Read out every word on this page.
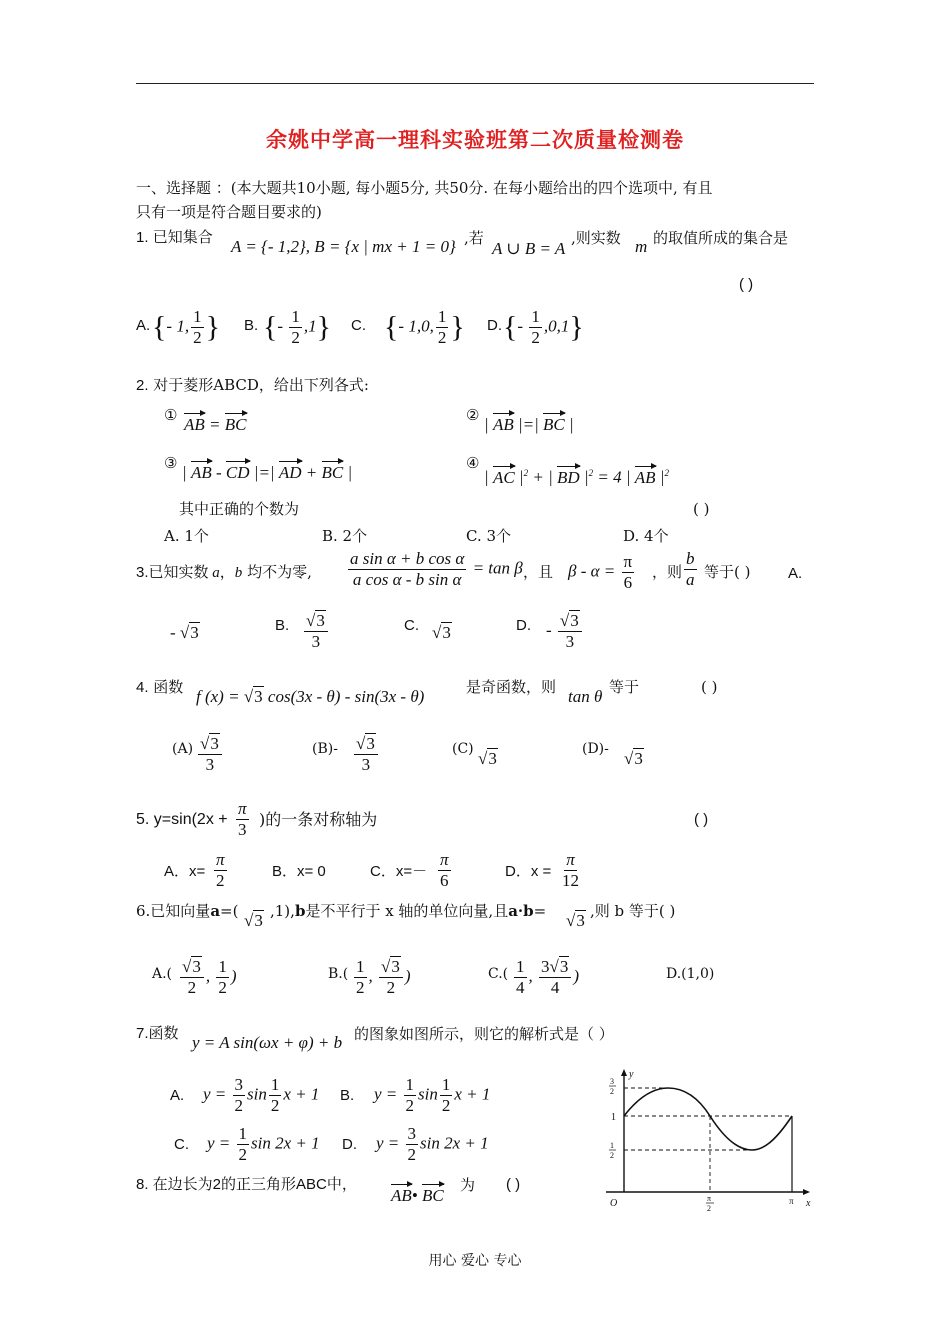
余姚中学高一理科实验班第二次质量检测卷
一、选择题 ：(本大题共10小题, 每小题5分, 共50分. 在每小题给出的四个选项中, 有且
只有一项是符合题目要求的)
1. 已知集合 A = {- 1,2}, B = {x | mx + 1 = 0} ,若
A ∪ B = A
,则实数 m 的取值所成的集合是
( )
A. {- 1, $\frac{1}{2}$ } B. {- $\frac{1}{2} ,1$} C. {- 1,0, $\frac{1}{2}$ } D. {- $\frac{1}{2} ,0,1$}
2. 对于菱形ABCD，给出下列各式:
① AB = BC	② | AB |=| BC |
③ | AB - CD |=| AD + BC |	④
| AC $|^2$ + | BD $|^2 = 4$ | AB $|^2$
其中正确的个数为	( )
A. 1个	B. 2个	C. 3个	D. 4个
3.已知实数 a，b 均不为零, $\frac{\text{a sin α + b cos α}}{\text{a cos α - b sin α}} = \tan \beta$ ，且 $\beta - \alpha = \frac{\pi}{6}$ ，则 $\frac{b}{a}$ 等于( )	A.
- √3	B. $\frac{√3}{3}$	C. √3	D. - $\frac{√3}{3}$
4. 函数 f (x) = √3 cos(3x - θ) - sin(3x - θ)	是奇函数，则 tan θ 等于	( )
$(A) \frac{√3}{3}$	$(B)- \frac{√3}{3}$	(C) √3	(D)- √3
5. $y=\sin(2x + \frac{\pi}{3}$ )的一条对称轴为	( )
A．$x= \frac{\pi}{2}$	B．x= 0	C．$x=- \frac{\pi}{6}$	D．$x = \frac{\pi}{12}$
6.已知向量a=( √3 ,1),b是不平行于 x 轴的单位向量,且a·b= √3 ,则 b 等于( )
$A.( \frac{√3}{2}$ , $\frac{1}{2}$ )	$B.( \frac{1}{2}$ , $\frac{√3}{2}$ )	$C.( \frac{1}{4}$ , $\frac{3√3}{4}$ )	D.(1,0)
7.函数 y = A sin(ωx + φ) + b 的图象如图所示，则它的解析式是（ ）
A. $y = \frac{3}{2}$ $\sin \frac{1}{2}$ x + 1 B. $y = \frac{1}{2}$ $\sin \frac{1}{2}$ x + 1
C. $y = \frac{1}{2}$ sin 2x + 1 D. $y = \frac{3}{2}$ sin 2x + 1
y
x
O
3
2
1
1
2
π
2
π
8. 在边长为2的正三角形ABC中，
AB• BC
为 ( )
用心 爱心 专心
